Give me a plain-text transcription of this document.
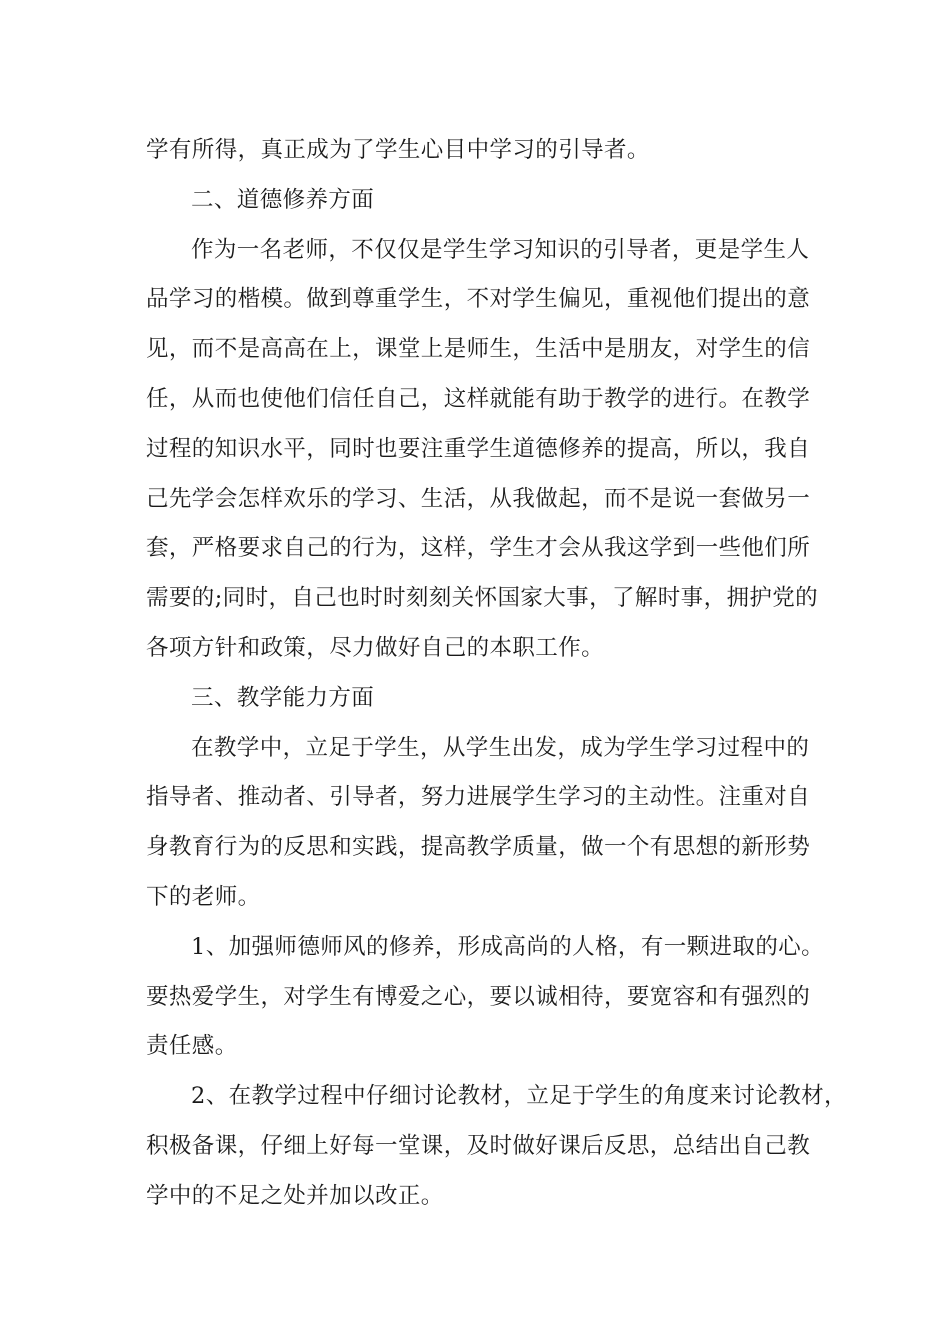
学有所得，真正成为了学生心目中学习的引导者。
二、道德修养方面
作为一名老师，不仅仅是学生学习知识的引导者，更是学生人
品学习的楷模。做到尊重学生，不对学生偏见，重视他们提出的意
见，而不是高高在上，课堂上是师生，生活中是朋友，对学生的信
任，从而也使他们信任自己，这样就能有助于教学的进行。在教学
过程的知识水平，同时也要注重学生道德修养的提高，所以，我自
己先学会怎样欢乐的学习、生活，从我做起，而不是说一套做另一
套，严格要求自己的行为，这样，学生才会从我这学到一些他们所
需要的;同时，自己也时时刻刻关怀国家大事，了解时事，拥护党的
各项方针和政策，尽力做好自己的本职工作。
三、教学能力方面
在教学中，立足于学生，从学生出发，成为学生学习过程中的
指导者、推动者、引导者，努力进展学生学习的主动性。注重对自
身教育行为的反思和实践，提高教学质量，做一个有思想的新形势
下的老师。
1、加强师德师风的修养，形成高尚的人格，有一颗进取的心。
要热爱学生，对学生有博爱之心，要以诚相待，要宽容和有强烈的
责任感。
2、在教学过程中仔细讨论教材，立足于学生的角度来讨论教材，
积极备课，仔细上好每一堂课，及时做好课后反思，总结出自己教
学中的不足之处并加以改正。
